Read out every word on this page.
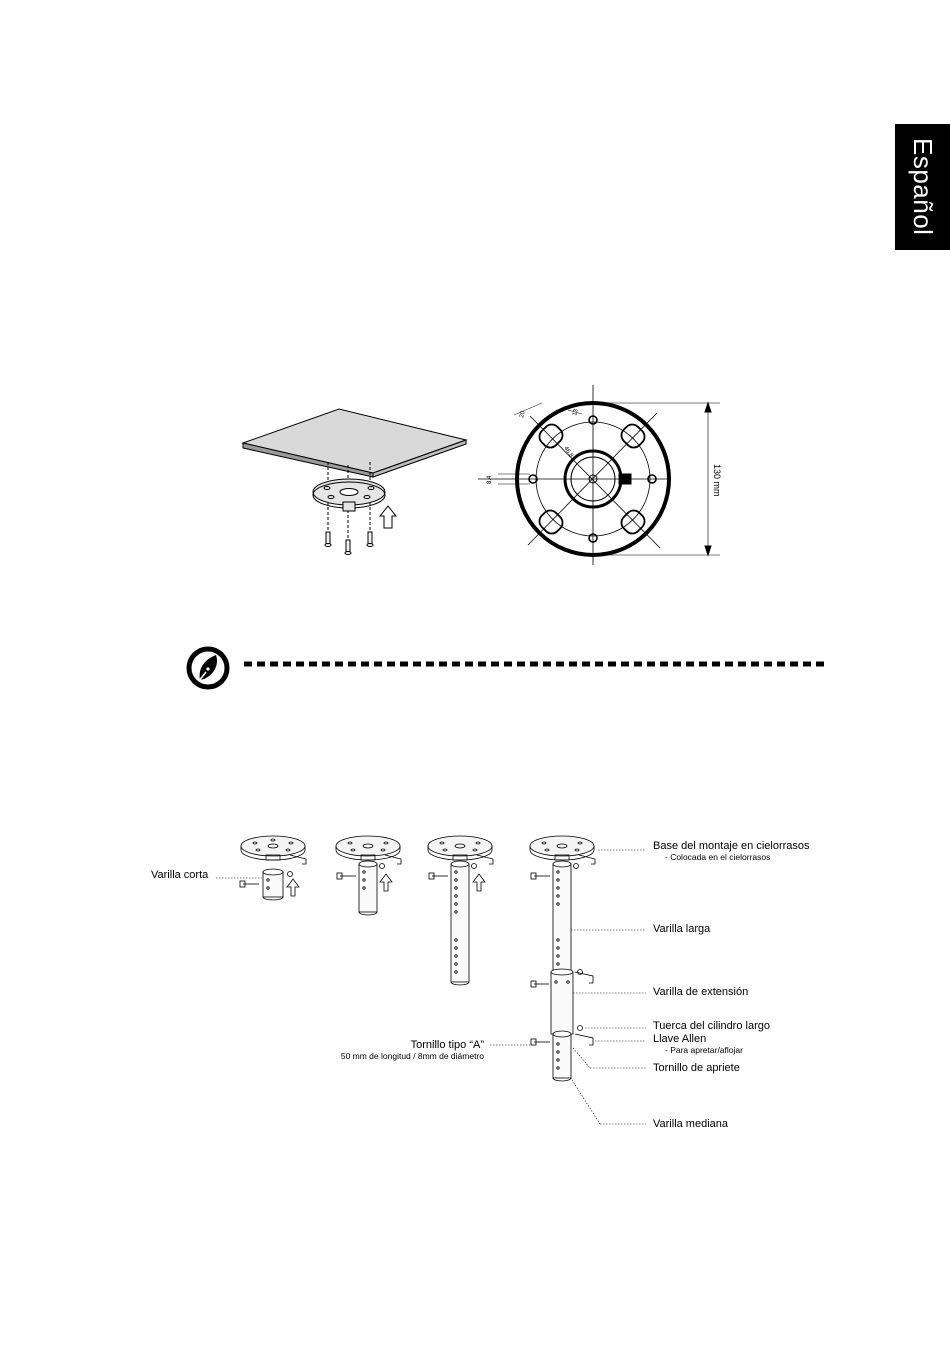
Español
20	13
46.8
8.4	130 mm
Varilla corta
Base del montaje en cielorrasos
- Colocada en el cielorrasos
Varilla larga
Varilla de extensión
Tuerca del cilindro largo
Llave Allen
- Para apretar/aflojar
Tornillo de apriete
Varilla mediana
Tornillo tipo “A”
50 mm de longitud / 8mm de diámetro
